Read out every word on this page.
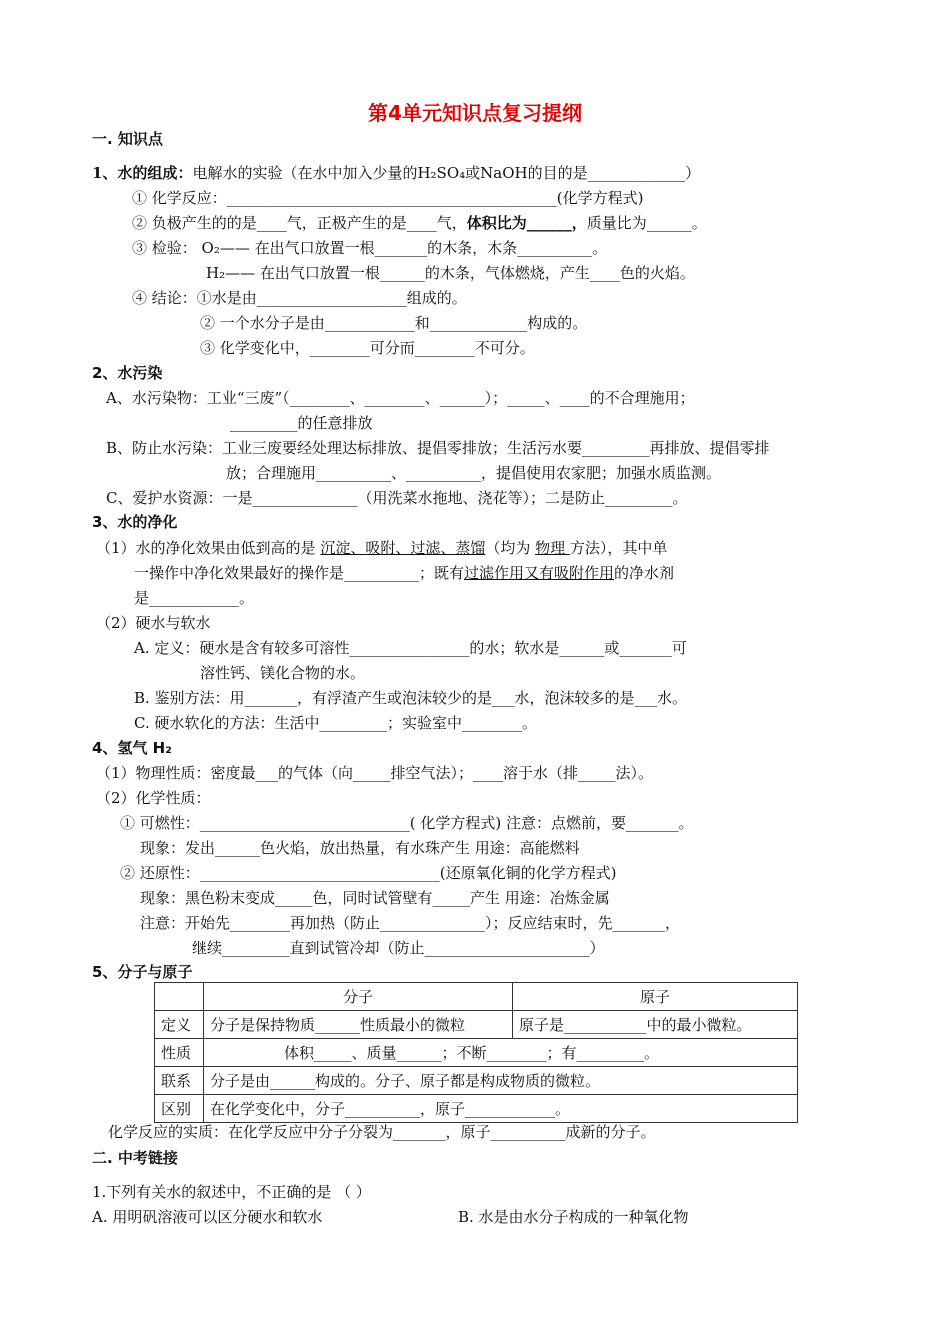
第4单元知识点复习提纲
一. 知识点
1、水的组成：电解水的实验（在水中加入少量的H₂SO₄或NaOH的目的是_____________）
① 化学反应：____________________________________________(化学方程式)
② 负极产生的的是____气，正极产生的是____气，体积比为______，质量比为______。
③ 检验： O₂—— 在出气口放置一根_______的木条，木条__________。
H₂—— 在出气口放置一根______的木条，气体燃烧，产生____色的火焰。
④ 结论：①水是由____________________组成的。
② 一个水分子是由____________和_____________构成的。
③ 化学变化中，________可分而________不可分。
2、水污染
A、水污染物：工业“三废”（________、________、______）；_____、____的不合理施用；
_________的任意排放
B、防止水污染：工业三废要经处理达标排放、提倡零排放；生活污水要_________再排放、提倡零排
放；合理施用__________、__________，提倡使用农家肥；加强水质监测。
C、爱护水资源：一是______________（用洗菜水拖地、浇花等）；二是防止_________。
3、水的净化
（1）水的净化效果由低到高的是 沉淀、吸附、过滤、蒸馏（均为 物理 方法），其中单
一操作中净化效果最好的操作是__________；既有过滤作用又有吸附作用的净水剂
是____________。
（2）硬水与软水
A. 定义：硬水是含有较多可溶性________________的水；软水是______或_______可
溶性钙、镁化合物的水。
B. 鉴别方法：用_______，有浮渣产生或泡沫较少的是___水，泡沫较多的是___水。
C. 硬水软化的方法：生活中_________；实验室中________。
4、氢气 H₂
（1）物理性质：密度最___的气体（向_____排空气法）；____溶于水（排_____法）。
（2）化学性质：
① 可燃性：____________________________( 化学方程式) 注意：点燃前，要_______。
现象：发出______色火焰，放出热量，有水珠产生 用途：高能燃料
② 还原性：________________________________(还原氧化铜的化学方程式)
现象：黑色粉末变成_____色，同时试管壁有_____产生 用途：冶炼金属
注意：开始先________再加热（防止______________）；反应结束时，先_______，
继续_________直到试管冷却（防止______________________）
5、分子与原子
	分子	原子
定义	分子是保持物质______性质最小的微粒	原子是___________中的最小微粒。
性质	体积_____、质量______；不断________；有_________。	
联系	分子是由______构成的。分子、原子都是构成物质的微粒。	
区别	在化学变化中，分子__________，原子____________。	
化学反应的实质：在化学反应中分子分裂为_______，原子__________成新的分子。
二. 中考链接
1.下列有关水的叙述中，不正确的是 （ ）
A. 用明矾溶液可以区分硬水和软水	B. 水是由水分子构成的一种氧化物
